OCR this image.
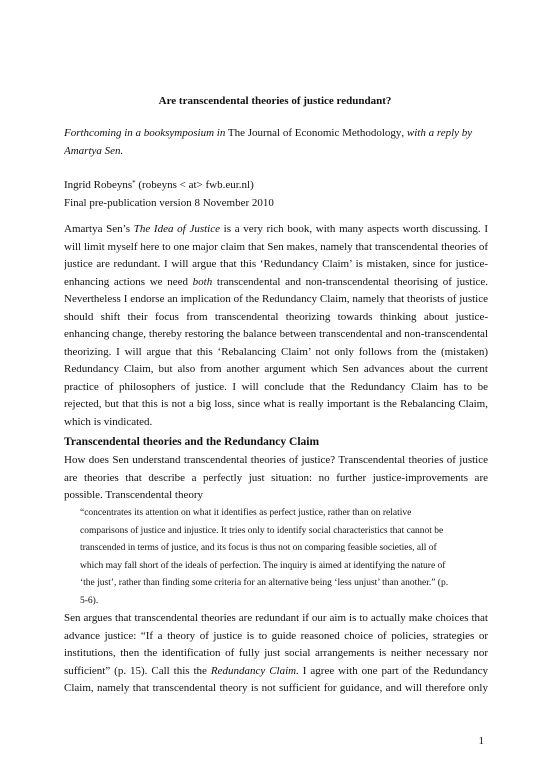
Are transcendental theories of justice redundant?
Forthcoming in a booksymposium in The Journal of Economic Methodology, with a reply by
Amartya Sen.
Ingrid Robeyns* (robeyns < at> fwb.eur.nl)
Final pre-publication version 8 November 2010
Amartya Sen’s The Idea of Justice is a very rich book, with many aspects worth discussing. I
will limit myself here to one major claim that Sen makes, namely that transcendental theories of
justice are redundant. I will argue that this ‘Redundancy Claim’ is mistaken, since for justice-
enhancing actions we need both transcendental and non-transcendental theorising of justice.
Nevertheless I endorse an implication of the Redundancy Claim, namely that theorists of justice
should shift their focus from transcendental theorizing towards thinking about justice-
enhancing change, thereby restoring the balance between transcendental and non-transcendental
theorizing. I will argue that this ‘Rebalancing Claim’ not only follows from the (mistaken)
Redundancy Claim, but also from another argument which Sen advances about the current
practice of philosophers of justice. I will conclude that the Redundancy Claim has to be
rejected, but that this is not a big loss, since what is really important is the Rebalancing Claim,
which is vindicated.
Transcendental theories and the Redundancy Claim
How does Sen understand transcendental theories of justice? Transcendental theories of justice
are theories that describe a perfectly just situation: no further justice-improvements are
possible. Transcendental theory
“concentrates its attention on what it identifies as perfect justice, rather than on relative
comparisons of justice and injustice. It tries only to identify social characteristics that cannot be
transcended in terms of justice, and its focus is thus not on comparing feasible societies, all of
which may fall short of the ideals of perfection. The inquiry is aimed at identifying the nature of
‘the just’, rather than finding some criteria for an alternative being ‘less unjust’ than another.” (p.
5-6).
Sen argues that transcendental theories are redundant if our aim is to actually make choices that
advance justice: “If a theory of justice is to guide reasoned choice of policies, strategies or
institutions, then the identification of fully just social arrangements is neither necessary nor
sufficient” (p. 15). Call this the Redundancy Claim. I agree with one part of the Redundancy
Claim, namely that transcendental theory is not sufficient for guidance, and will therefore only
1
